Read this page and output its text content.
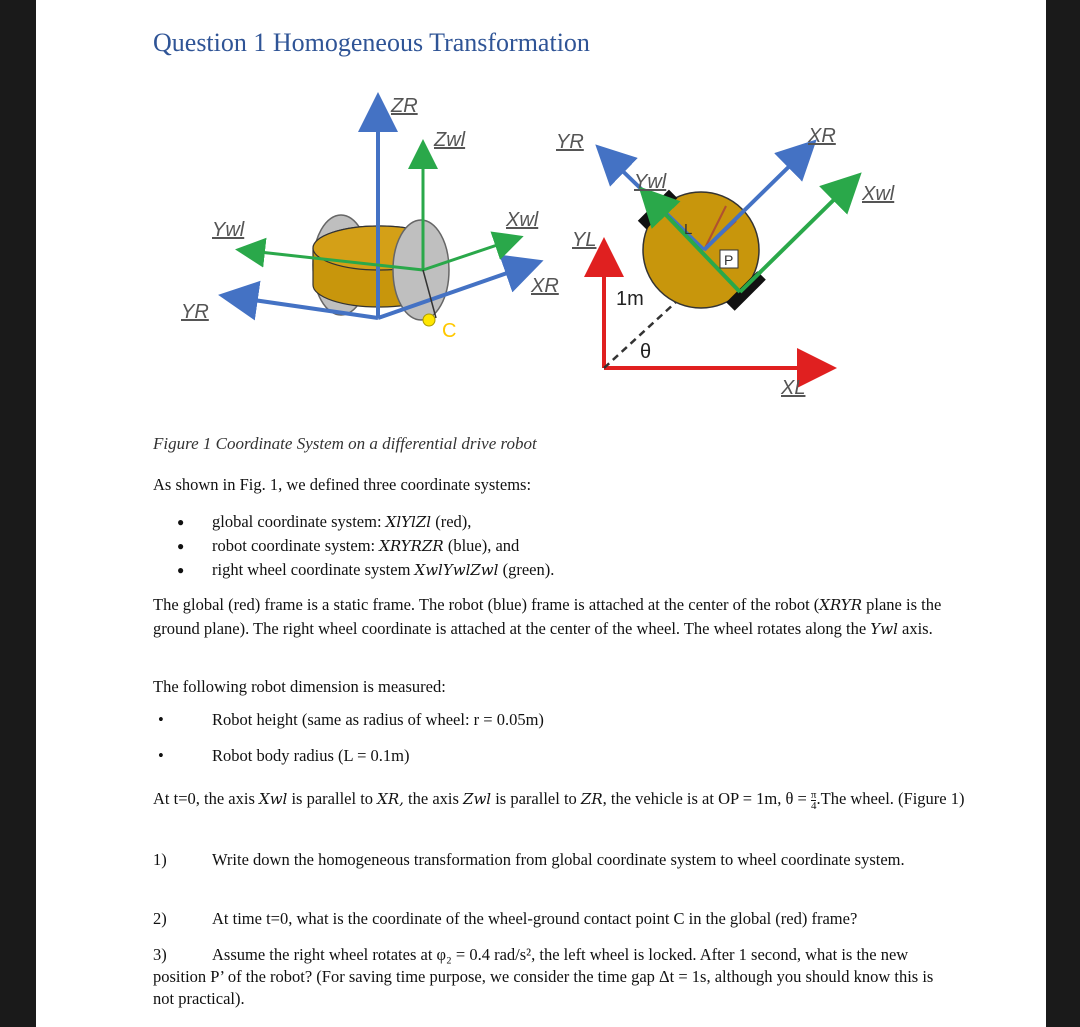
Question 1 Homogeneous Transformation
C
ZR
Zwl
Ywl	Xwl
XR
YR
L
P
1m
θ
YR
Ywl
YL
XR
Xwl
XL
Figure 1 Coordinate System on a differential drive robot
As shown in Fig. 1, we defined three coordinate systems:
● global coordinate system: XlYlZl (red),
● robot coordinate system: XRYRZR (blue), and
● right wheel coordinate system XwlYwlZwl (green).
The global (red) frame is a static frame. The robot (blue) frame is attached at the center of the robot (XRYR plane is the ground plane). The right wheel coordinate is attached at the center of the wheel. The wheel rotates along the Ywl axis.
The following robot dimension is measured:
•	Robot height (same as radius of wheel: r = 0.05m)
•	Robot body radius (L = 0.1m)
At t=0, the axis Xwl is parallel to XR, the axis Zwl is parallel to ZR, the vehicle is at OP = 1m, $\theta = \frac{\pi}{4} .The$ wheel. (Figure 1)
1)	Write down the homogeneous transformation from global coordinate system to wheel coordinate system.
2)	At time t=0, what is the coordinate of the wheel-ground contact point C in the global (red) frame?
3)	Assume the right wheel rotates at φ₂ = 0.4 rad/s², the left wheel is locked. After 1 second, what is the new position P’ of the robot? (For saving time purpose, we consider the time gap Δt = 1s, although you should know this is not practical).
